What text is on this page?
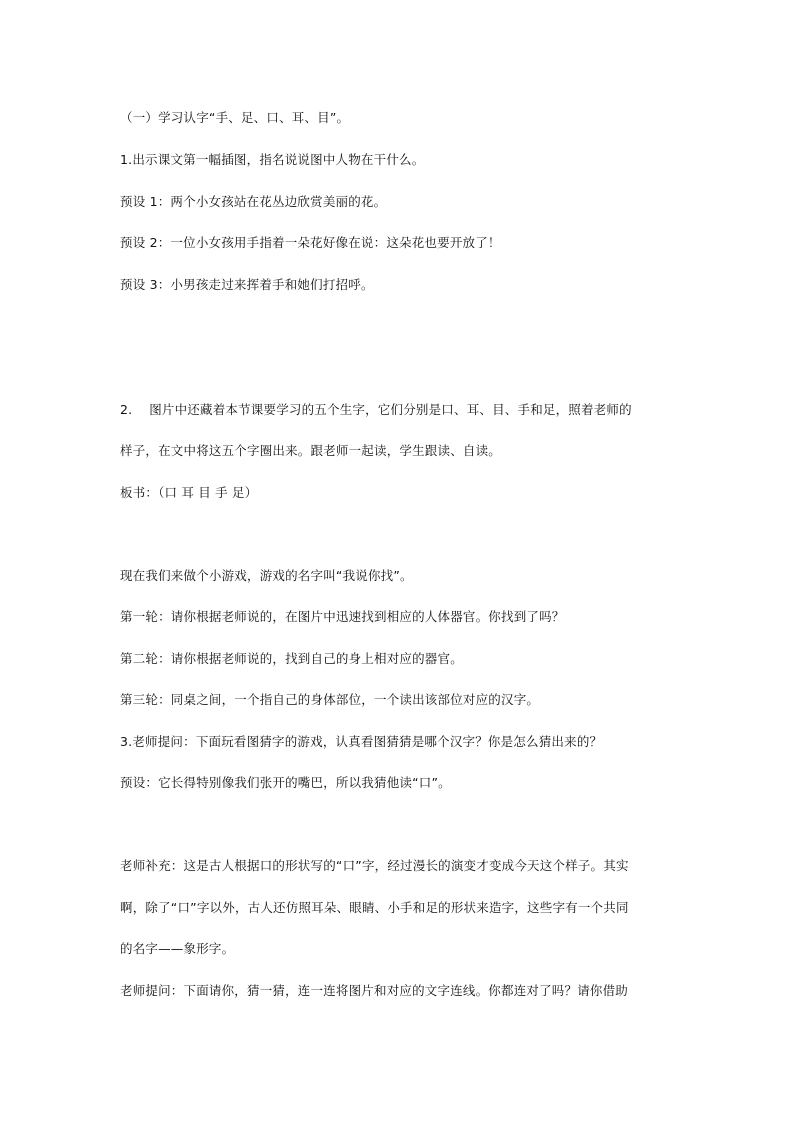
（一）学习认字“手、足、口、耳、目”。

1.出示课文第一幅插图，指名说说图中人物在干什么。

预设 1：两个小女孩站在花丛边欣赏美丽的花。

预设 2：一位小女孩用手指着一朵花好像在说：这朵花也要开放了！

预设 3：小男孩走过来挥着手和她们打招呼。

2.　 图片中还藏着本节课要学习的五个生字，它们分别是口、耳、目、手和足，照着老师的

样子，在文中将这五个字圈出来。跟老师一起读，学生跟读、自读。

板书：（口 耳 目 手 足）

现在我们来做个小游戏，游戏的名字叫“我说你找”。

第一轮：请你根据老师说的，在图片中迅速找到相应的人体器官。你找到了吗？

第二轮：请你根据老师说的，找到自己的身上相对应的器官。

第三轮：同桌之间，一个指自己的身体部位，一个读出该部位对应的汉字。

3.老师提问：下面玩看图猜字的游戏，认真看图猜猜是哪个汉字？你是怎么猜出来的？

预设：它长得特别像我们张开的嘴巴，所以我猜他读“口”。

老师补充：这是古人根据口的形状写的“口”字，经过漫长的演变才变成今天这个样子。其实

啊，除了“口”字以外，古人还仿照耳朵、眼睛、小手和足的形状来造字，这些字有一个共同

的名字——象形字。

老师提问：下面请你，猜一猜，连一连将图片和对应的文字连线。你都连对了吗？请你借助
